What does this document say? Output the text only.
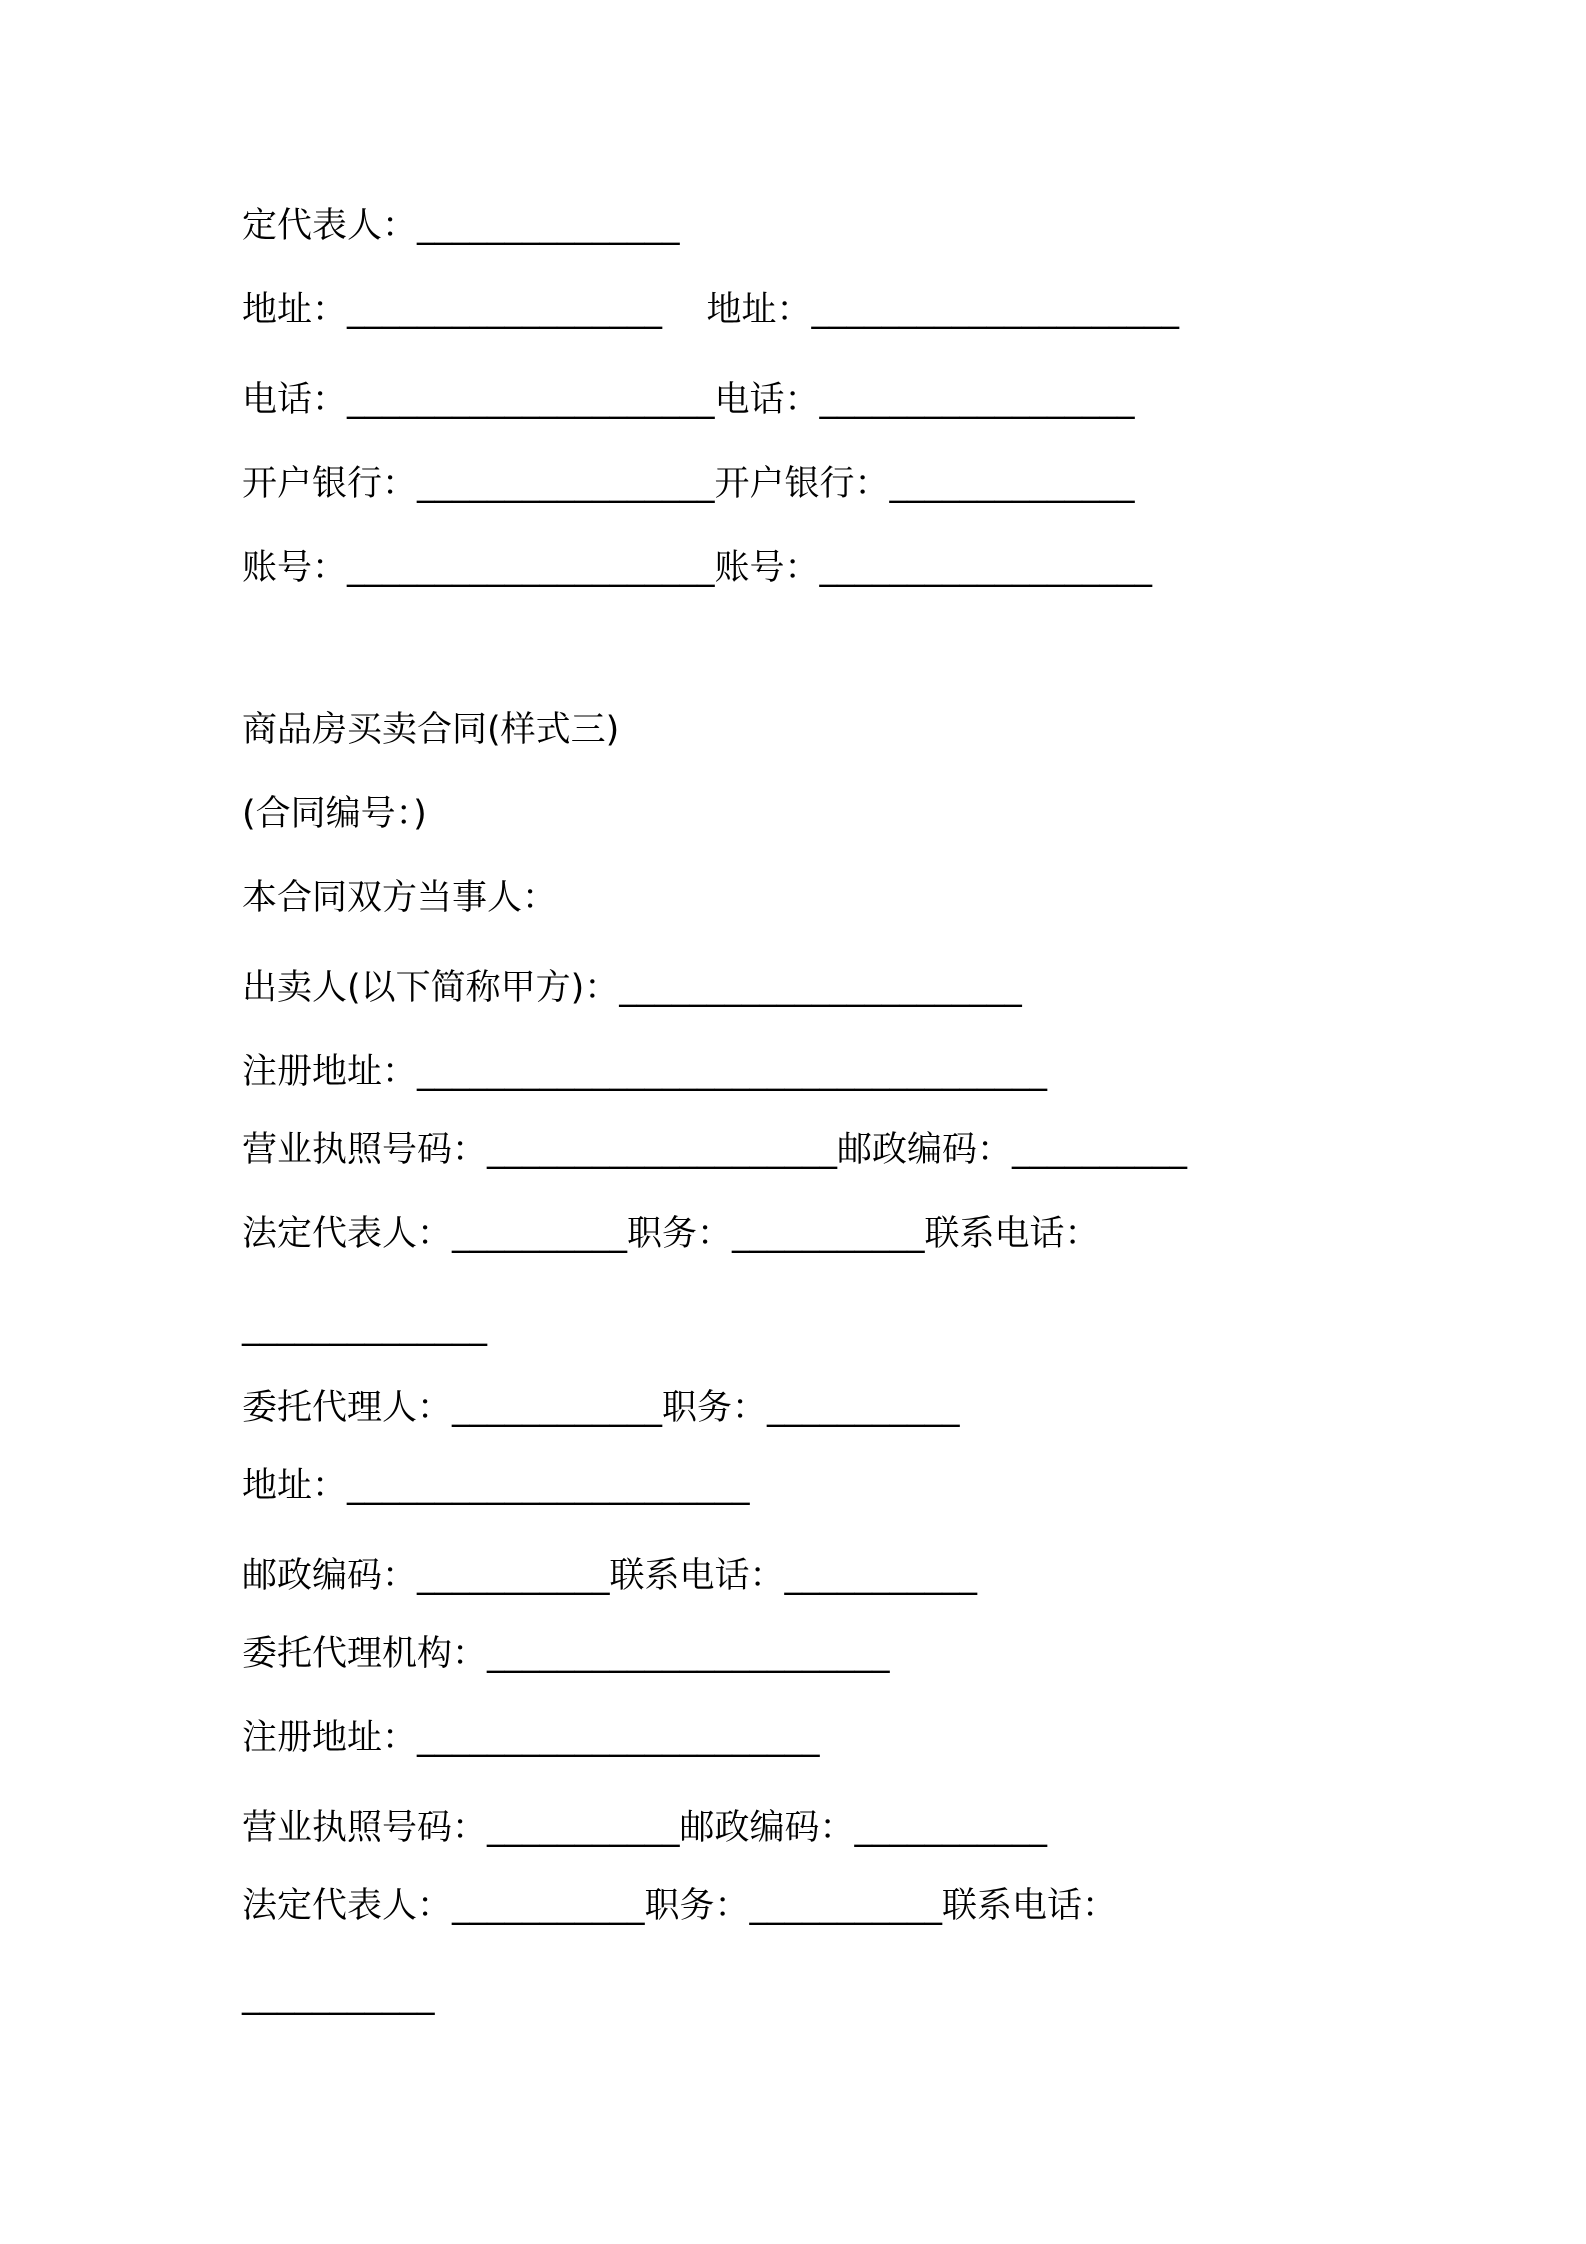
定代表人：_______________
地址：__________________    地址：_____________________
电话：_____________________电话：__________________
开户银行：_________________开户银行：______________
账号：_____________________账号：___________________
商品房买卖合同(样式三)
(合同编号：)
本合同双方当事人：
出卖人(以下简称甲方)：_______________________
注册地址：____________________________________
营业执照号码：____________________邮政编码：__________
法定代表人：__________职务：___________联系电话：
______________
委托代理人：____________职务：___________
地址：_______________________
邮政编码：___________联系电话：___________
委托代理机构：_______________________
注册地址：_______________________
营业执照号码：___________邮政编码：___________
法定代表人：___________职务：___________联系电话：
___________
